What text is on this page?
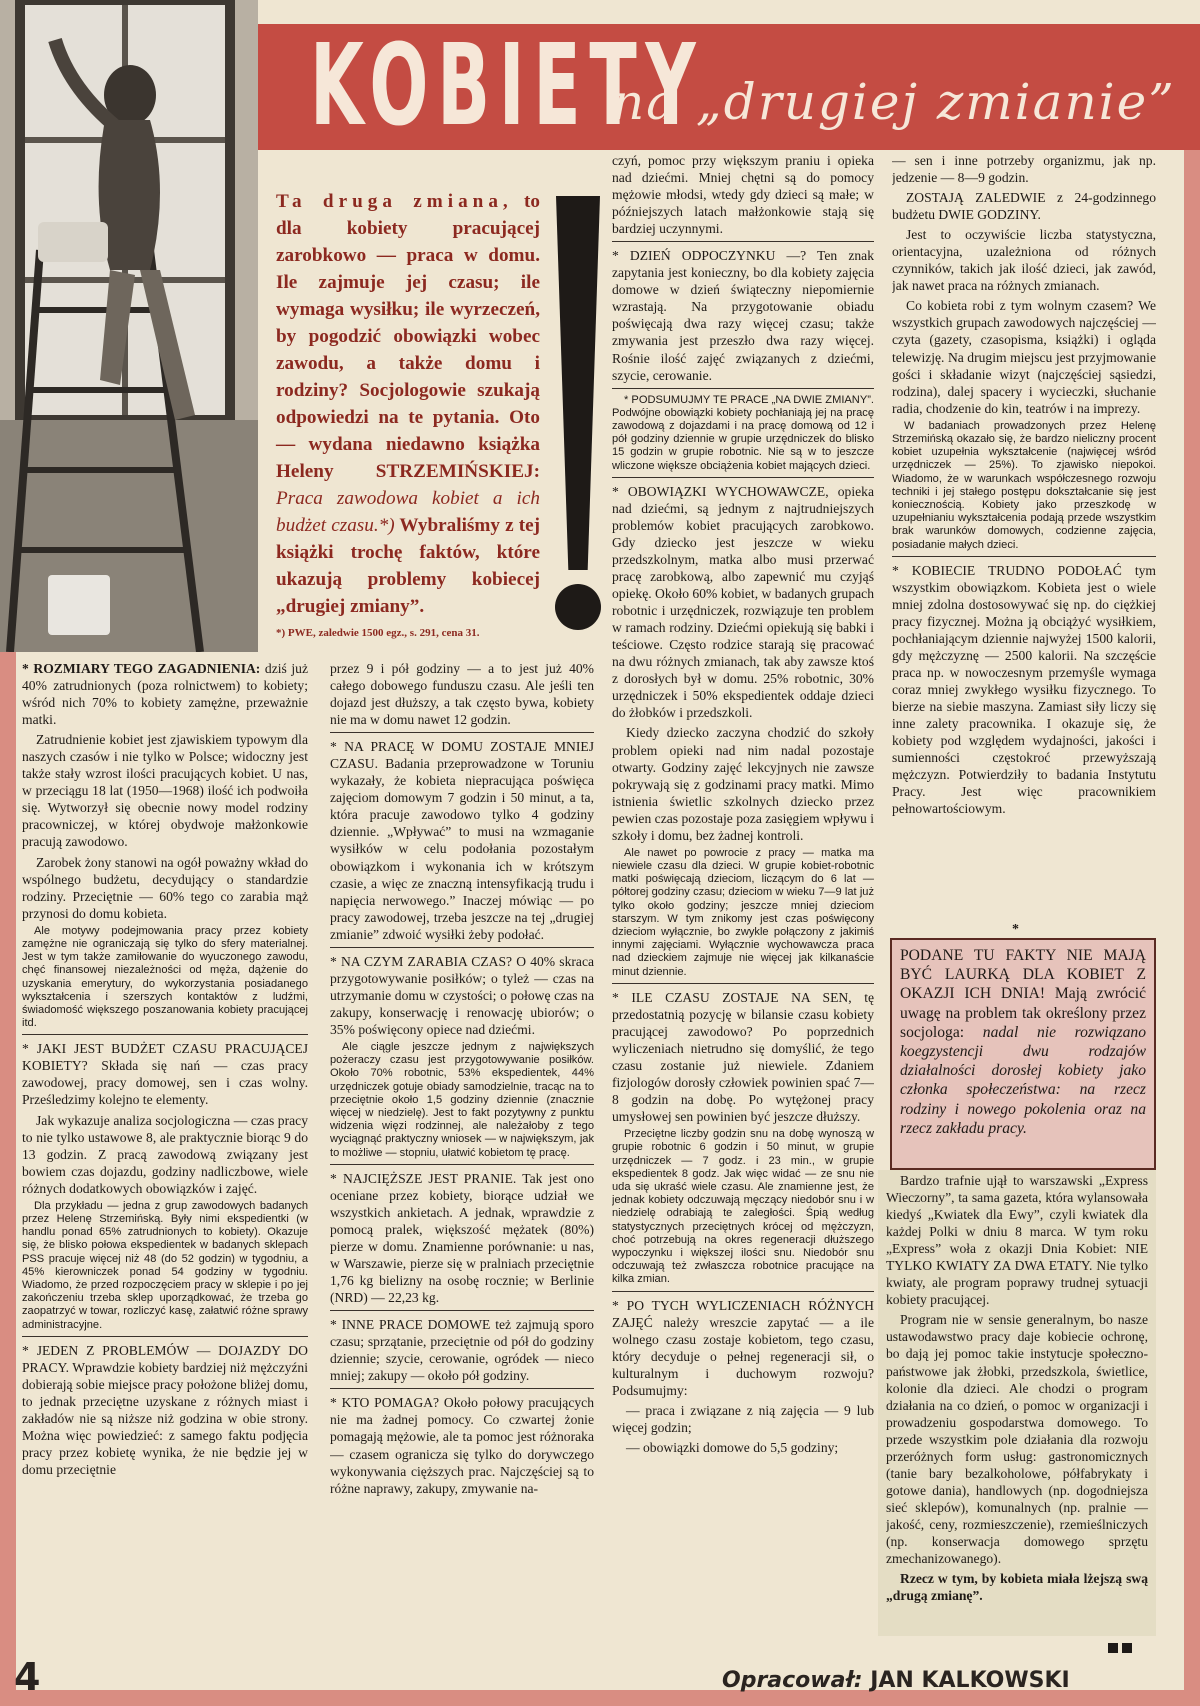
KOBIETY
na „drugiej zmianie”
Ta druga zmiana, to dla kobiety pracującej zarobkowo — praca w domu. Ile zajmuje jej czasu; ile wymaga wysiłku; ile wyrzeczeń, by pogodzić obowiązki wobec zawodu, a także domu i rodziny? Socjologowie szukają odpowiedzi na te pytania. Oto — wydana niedawno książka Heleny STRZEMIŃSKIEJ: Praca zawodowa kobiet a ich budżet czasu.*) Wybraliśmy z tej książki trochę faktów, które ukazują problemy kobiecej „drugiej zmiany”.
*) PWE, zaledwie 1500 egz., s. 291, cena 31.

* ROZMIARY TEGO ZAGADNIENIA: dziś już 40% zatrudnionych (poza rolnictwem) to kobiety; wśród nich 70% to kobiety zamężne, przeważnie matki.

Zatrudnienie kobiet jest zjawiskiem typowym dla naszych czasów i nie tylko w Polsce; widoczny jest także stały wzrost ilości pracujących kobiet. U nas, w przeciągu 18 lat (1950—1968) ilość ich podwoiła się. Wytworzył się obecnie nowy model rodziny pracowniczej, w której obydwoje małżonkowie pracują zawodowo.

Zarobek żony stanowi na ogół poważny wkład do wspólnego budżetu, decydujący o standardzie rodziny. Przeciętnie — 60% tego co zarabia mąż przynosi do domu kobieta.

Ale motywy podejmowania pracy przez kobiety zamężne nie ograniczają się tylko do sfery materialnej. Jest w tym także zamiłowanie do wyuczonego zawodu, chęć finansowej niezależności od męża, dążenie do uzyskania emerytury, do wykorzystania posiadanego wykształcenia i szerszych kontaktów z ludźmi, świadomość większego poszanowania kobiety pracującej itd.

* JAKI JEST BUDŻET CZASU PRACUJĄCEJ KOBIETY? Składa się nań — czas pracy zawodowej, pracy domowej, sen i czas wolny. Prześledzimy kolejno te elementy.

Jak wykazuje analiza socjologiczna — czas pracy to nie tylko ustawowe 8, ale praktycznie biorąc 9 do 13 godzin. Z pracą zawodową związany jest bowiem czas dojazdu, godziny nadliczbowe, wiele różnych dodatkowych obowiązków i zajęć.

Dla przykładu — jedna z grup zawodowych badanych przez Helenę Strzemińską. Były nimi ekspedientki (w handlu ponad 65% zatrudnionych to kobiety). Okazuje się, że blisko połowa ekspedientek w badanych sklepach PSS pracuje więcej niż 48 (do 52 godzin) w tygodniu, a 45% kierowniczek ponad 54 godziny w tygodniu. Wiadomo, że przed rozpoczęciem pracy w sklepie i po jej zakończeniu trzeba sklep uporządkować, że trzeba go zaopatrzyć w towar, rozliczyć kasę, załatwić różne sprawy administracyjne.

* JEDEN Z PROBLEMÓW — DOJAZDY DO PRACY. Wprawdzie kobiety bardziej niż mężczyźni dobierają sobie miejsce pracy położone bliżej domu, to jednak przeciętne uzyskane z różnych miast i zakładów nie są niższe niż godzina w obie strony. Można więc powiedzieć: z samego faktu podjęcia pracy przez kobietę wynika, że nie będzie jej w domu przeciętnie

przez 9 i pół godziny — a to jest już 40% całego dobowego funduszu czasu. Ale jeśli ten dojazd jest dłuższy, a tak często bywa, kobiety nie ma w domu nawet 12 godzin.

* NA PRACĘ W DOMU ZOSTAJE MNIEJ CZASU. Badania przeprowadzone w Toruniu wykazały, że kobieta niepracująca poświęca zajęciom domowym 7 godzin i 50 minut, a ta, która pracuje zawodowo tylko 4 godziny dziennie. „Wpływać” to musi na wzmaganie wysiłków w celu podołania pozostałym obowiązkom i wykonania ich w krótszym czasie, a więc ze znaczną intensyfikacją trudu i napięcia nerwowego.” Inaczej mówiąc — po pracy zawodowej, trzeba jeszcze na tej „drugiej zmianie” zdwoić wysiłki żeby podołać.

* NA CZYM ZARABIA CZAS? O 40% skraca przygotowywanie posiłków; o tyleż — czas na utrzymanie domu w czystości; o połowę czas na zakupy, konserwację i renowację ubiorów; o 35% poświęcony opiece nad dziećmi.

Ale ciągle jeszcze jednym z największych pożeraczy czasu jest przygotowywanie posiłków. Około 70% robotnic, 53% ekspedientek, 44% urzędniczek gotuje obiady samodzielnie, tracąc na to przeciętnie około 1,5 godziny dziennie (znacznie więcej w niedzielę). Jest to fakt pozytywny z punktu widzenia więzi rodzinnej, ale należałoby z tego wyciągnąć praktyczny wniosek — w największym, jak to możliwe — stopniu, ułatwić kobietom tę pracę.

* NAJCIĘŻSZE JEST PRANIE. Tak jest ono oceniane przez kobiety, biorące udział we wszystkich ankietach. A jednak, wprawdzie z pomocą pralek, większość mężatek (80%) pierze w domu. Znamienne porównanie: u nas, w Warszawie, pierze się w pralniach przeciętnie 1,76 kg bielizny na osobę rocznie; w Berlinie (NRD) — 22,23 kg.

* INNE PRACE DOMOWE też zajmują sporo czasu; sprzątanie, przeciętnie od pół do godziny dziennie; szycie, cerowanie, ogródek — nieco mniej; zakupy — około pół godziny.

* KTO POMAGA? Około połowy pracujących nie ma żadnej pomocy. Co czwartej żonie pomagają mężowie, ale ta pomoc jest różnoraka — czasem ogranicza się tylko do dorywczego wykonywania cięższych prac. Najczęściej są to różne naprawy, zakupy, zmywanie na-

czyń, pomoc przy większym praniu i opieka nad dziećmi. Mniej chętni są do pomocy mężowie młodsi, wtedy gdy dzieci są małe; w późniejszych latach małżonkowie stają się bardziej uczynnymi.

* DZIEŃ ODPOCZYNKU —? Ten znak zapytania jest konieczny, bo dla kobiety zajęcia domowe w dzień świąteczny niepomiernie wzrastają. Na przygotowanie obiadu poświęcają dwa razy więcej czasu; także zmywania jest przeszło dwa razy więcej. Rośnie ilość zajęć związanych z dziećmi, szycie, cerowanie.

* PODSUMUJMY TE PRACE „NA DWIE ZMIANY”. Podwójne obowiązki kobiety pochłaniają jej na pracę zawodową z dojazdami i na pracę domową od 12 i pół godziny dziennie w grupie urzędniczek do blisko 15 godzin w grupie robotnic. Nie są w to jeszcze wliczone większe obciążenia kobiet mających dzieci.

* OBOWIĄZKI WYCHOWAWCZE, opieka nad dziećmi, są jednym z najtrudniejszych problemów kobiet pracujących zarobkowo. Gdy dziecko jest jeszcze w wieku przedszkolnym, matka albo musi przerwać pracę zarobkową, albo zapewnić mu czyjąś opiekę. Około 60% kobiet, w badanych grupach robotnic i urzędniczek, rozwiązuje ten problem w ramach rodziny. Dziećmi opiekują się babki i teściowe. Często rodzice starają się pracować na dwu różnych zmianach, tak aby zawsze ktoś z dorosłych był w domu. 25% robotnic, 30% urzędniczek i 50% ekspedientek oddaje dzieci do żłobków i przedszkoli.

Kiedy dziecko zaczyna chodzić do szkoły problem opieki nad nim nadal pozostaje otwarty. Godziny zajęć lekcyjnych nie zawsze pokrywają się z godzinami pracy matki. Mimo istnienia świetlic szkolnych dziecko przez pewien czas pozostaje poza zasięgiem wpływu i szkoły i domu, bez żadnej kontroli.

Ale nawet po powrocie z pracy — matka ma niewiele czasu dla dzieci. W grupie kobiet-robotnic matki poświęcają dzieciom, liczącym do 6 lat — półtorej godziny czasu; dzieciom w wieku 7—9 lat już tylko około godziny; jeszcze mniej dzieciom starszym. W tym znikomy jest czas poświęcony dzieciom wyłącznie, bo zwykle połączony z jakimiś innymi zajęciami. Wyłącznie wychowawcza praca nad dzieckiem zajmuje nie więcej jak kilkanaście minut dziennie.

* ILE CZASU ZOSTAJE NA SEN, tę przedostatnią pozycję w bilansie czasu kobiety pracującej zawodowo? Po poprzednich wyliczeniach nietrudno się domyślić, że tego czasu zostanie już niewiele. Zdaniem fizjologów dorosły człowiek powinien spać 7—8 godzin na dobę. Po wytężonej pracy umysłowej sen powinien być jeszcze dłuższy.

Przeciętne liczby godzin snu na dobę wynoszą w grupie robotnic 6 godzin i 50 minut, w grupie urzędniczek — 7 godz. i 23 min., w grupie ekspedientek 8 godz. Jak więc widać — ze snu nie uda się ukraść wiele czasu. Ale znamienne jest, że jednak kobiety odczuwają męczący niedobór snu i w niedzielę odrabiają te zaległości. Śpią według statystycznych przeciętnych krócej od mężczyzn, choć potrzebują na okres regeneracji dłuższego wypoczynku i większej ilości snu. Niedobór snu odczuwają też zwłaszcza robotnice pracujące na kilka zmian.

* PO TYCH WYLICZENIACH RÓŻNYCH ZAJĘĆ należy wreszcie zapytać — a ile wolnego czasu zostaje kobietom, tego czasu, który decyduje o pełnej regeneracji sił, o kulturalnym i duchowym rozwoju? Podsumujmy:

— praca i związane z nią zajęcia — 9 lub więcej godzin;

— obowiązki domowe do 5,5 godziny;

— sen i inne potrzeby organizmu, jak np. jedzenie — 8—9 godzin.

ZOSTAJĄ ZALEDWIE z 24-godzinnego budżetu DWIE GODZINY.

Jest to oczywiście liczba statystyczna, orientacyjna, uzależniona od różnych czynników, takich jak ilość dzieci, jak zawód, jak nawet praca na różnych zmianach.

Co kobieta robi z tym wolnym czasem? We wszystkich grupach zawodowych najczęściej — czyta (gazety, czasopisma, książki) i ogląda telewizję. Na drugim miejscu jest przyjmowanie gości i składanie wizyt (najczęściej sąsiedzi, rodzina), dalej spacery i wycieczki, słuchanie radia, chodzenie do kin, teatrów i na imprezy.

W badaniach prowadzonych przez Helenę Strzemińską okazało się, że bardzo nieliczny procent kobiet uzupełnia wykształcenie (najwięcej wśród urzędniczek — 25%). To zjawisko niepokoi. Wiadomo, że w warunkach współczesnego rozwoju techniki i jej stałego postępu dokształcanie się jest koniecznością. Kobiety jako przeszkodę w uzupełnianiu wykształcenia podają przede wszystkim brak warunków domowych, codzienne zajęcia, posiadanie małych dzieci.

* KOBIECIE TRUDNO PODOŁAĆ tym wszystkim obowiązkom. Kobieta jest o wiele mniej zdolna dostosowywać się np. do ciężkiej pracy fizycznej. Można ją obciążyć wysiłkiem, pochłaniającym dziennie najwyżej 1500 kalorii, gdy mężczyznę — 2500 kalorii. Na szczęście praca np. w nowoczesnym przemyśle wymaga coraz mniej zwykłego wysiłku fizycznego. To bierze na siebie maszyna. Zamiast siły liczy się inne zalety pracownika. I okazuje się, że kobiety pod względem wydajności, jakości i sumienności częstokroć przewyższają mężczyzn. Potwierdziły to badania Instytutu Pracy. Jest więc pracownikiem pełnowartościowym.

*

PODANE TU FAKTY NIE MAJĄ BYĆ LAURKĄ DLA KOBIET Z OKAZJI ICH DNIA! Mają zwrócić uwagę na problem tak określony przez socjologa: nadal nie rozwiązano koegzystencji dwu rodzajów działalności dorosłej kobiety jako członka społeczeństwa: na rzecz rodziny i nowego pokolenia oraz na rzecz zakładu pracy.

Bardzo trafnie ujął to warszawski „Express Wieczorny”, ta sama gazeta, która wylansowała kiedyś „Kwiatek dla Ewy”, czyli kwiatek dla każdej Polki w dniu 8 marca. W tym roku „Express” woła z okazji Dnia Kobiet: NIE TYLKO KWIATY ZA DWA ETATY. Nie tylko kwiaty, ale program poprawy trudnej sytuacji kobiety pracującej.

Program nie w sensie generalnym, bo nasze ustawodawstwo pracy daje kobiecie ochronę, bo dają jej pomoc takie instytucje społeczno-państwowe jak żłobki, przedszkola, świetlice, kolonie dla dzieci. Ale chodzi o program działania na co dzień, o pomoc w organizacji i prowadzeniu gospodarstwa domowego. To przede wszystkim pole działania dla rozwoju przeróżnych form usług: gastronomicznych (tanie bary bezalkoholowe, półfabrykaty i gotowe dania), handlowych (np. dogodniejsza sieć sklepów), komunalnych (np. pralnie — jakość, ceny, rozmieszczenie), rzemieślniczych (np. konserwacja domowego sprzętu zmechanizowanego).

Rzecz w tym, by kobieta miała lżejszą swą „drugą zmianę”.

4	Opracował: JAN KALKOWSKI
